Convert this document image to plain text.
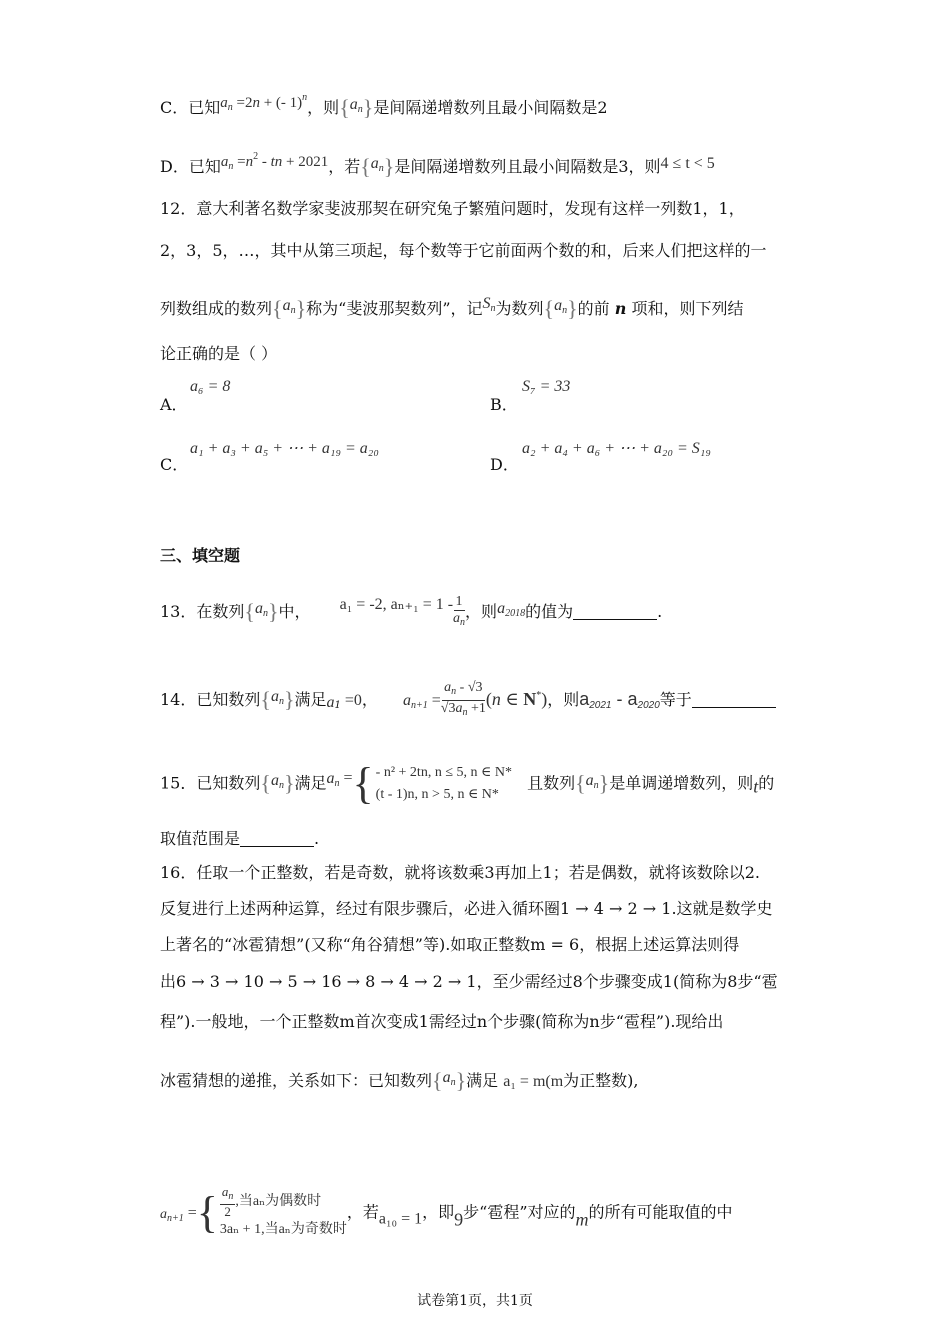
C．已知$a_n =2n$ + (- 1)$^n$，则$\{a_n\}$是间隔递增数列且最小间隔数是2
D．已知$a_n =n^2$ - tn + 2021，若$\{a_n\}$是间隔递增数列且最小间隔数是3，则4 ≤ t < 5
12．意大利著名数学家斐波那契在研究兔子繁殖问题时，发现有这样一列数1，1，
2，3，5，…，其中从第三项起，每个数等于它前面两个数的和，后来人们把这样的一
列数组成的数列$\{a_n\}$称为“斐波那契数列”，记$S_n$为数列$\{a_n\}$的前 n 项和，则下列结
论正确的是（ ）
A．
a₆ = 8
B．
S₇ = 33
C．
a₁ + a₃ + a₅ + ⋯ + a₁₉ = a₂₀
D．
a₂ + a₄ + a₆ + ⋯ + a₂₀ = S₁₉
三、填空题
13．在数列$\{a_n\}$中， a₁ = -2, $a_{n+1} = 1 - \frac{1}{a_n}$ ，则$a_{2018}$的值为	.
14．已知数列$\{a_n\}$满足$a_1 =0$， $a_{n+1} = \frac{a_n - √3}{√3a_n +1} (n$ ∈ N*)，则$a_{2021} - a_{2020}$等于
15．已知数列$\{a_n\}$满足$a_n$ = { - n² + 2tn, n ≤ 5, n ∈ N*
(t - 1)n, n > 5, n ∈ N*
且数列$\{a_n\}$是单调递增数列，则t的
取值范围是	.
16．任取一个正整数，若是奇数，就将该数乘3再加上1；若是偶数，就将该数除以2.
反复进行上述两种运算，经过有限步骤后，必进入循环圈1 → 4 → 2 → 1.这就是数学史
上著名的“冰雹猜想”(又称“角谷猜想”等).如取正整数m = 6，根据上述运算法则得
出6 → 3 → 10 → 5 → 16 → 8 → 4 → 2 → 1，至少需经过8个步骤变成1(简称为8步“雹
程”).一般地，一个正整数m首次变成1需经过n个步骤(简称为n步“雹程”).现给出
冰雹猜想的递推，关系如下：已知数列$\{a_n\}$满足 a₁ = m(m为正整数),
$a_{n+1}$ = { $\frac{a_n}{2}$ ,当aₙ为偶数时
3aₙ + 1,当aₙ为奇数时
，若a₁₀ = 1，即9步“雹程”对应的m的所有可能取值的中
试卷第1页，共1页
